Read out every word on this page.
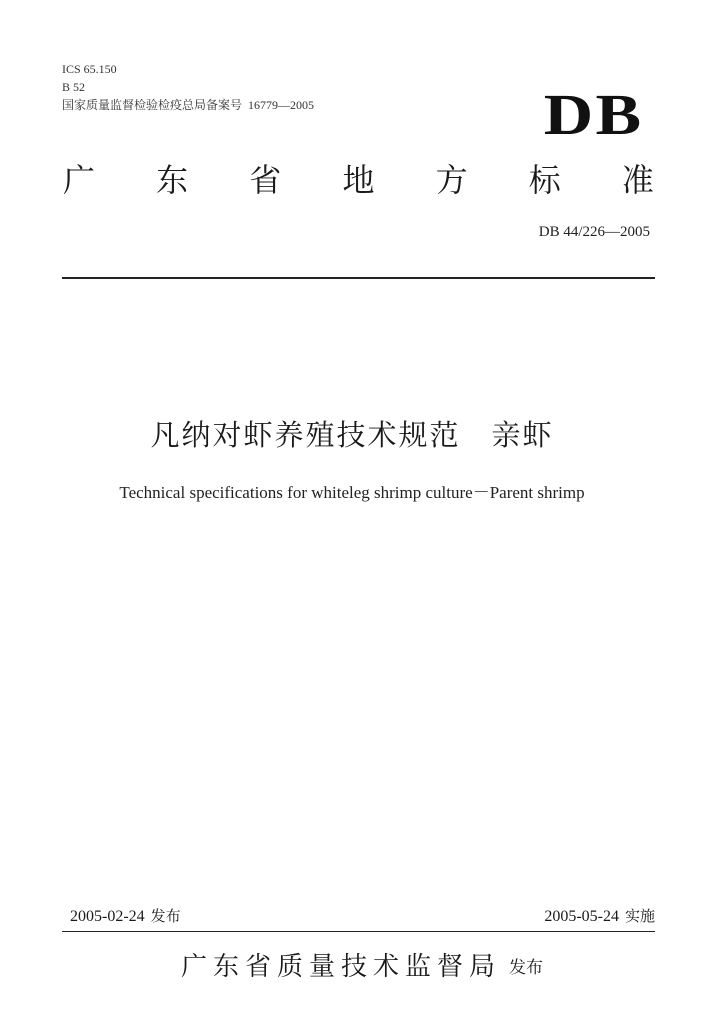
ICS 65.150
B 52
国家质量监督检验检疫总局备案号 16779—2005	DB
广 东 省 地 方 标 准
DB 44/226—2005
凡纳对虾养殖技术规范　亲虾
Technical specifications for whiteleg shrimp culture－Parent shrimp
2005-02-24 发布	2005-05-24 实施
广东省质量技术监督局 发布
